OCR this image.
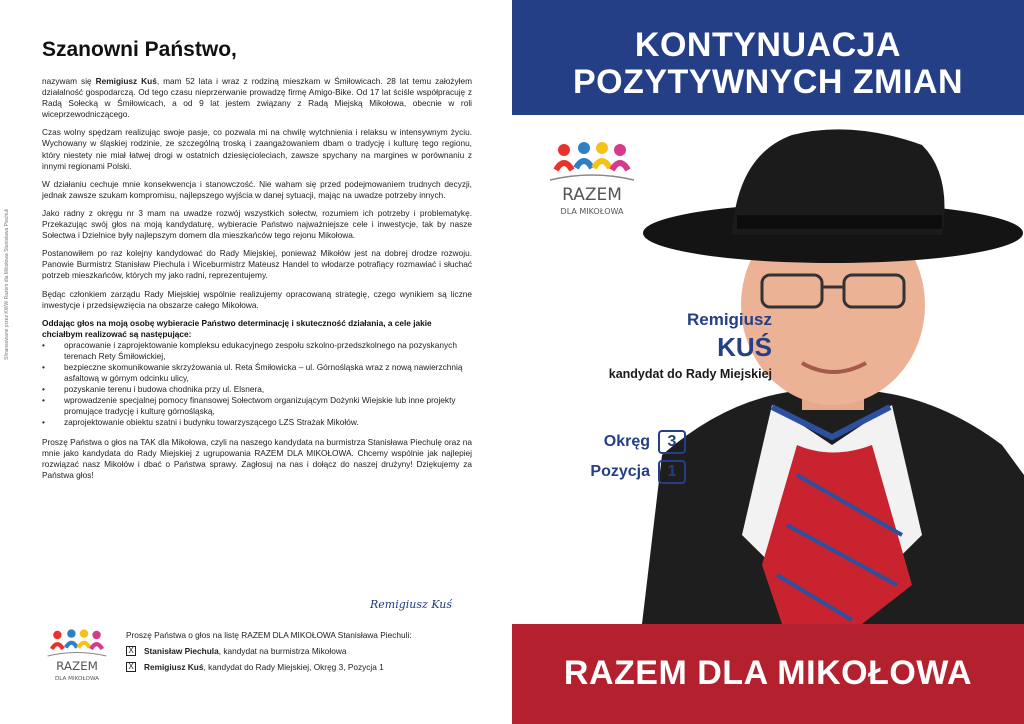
Sfinansowane przez KWW Razem dla Mikołowa Stanisława Piechuli
Szanowni Państwo,

nazywam się Remigiusz Kuś, mam 52 lata i wraz z rodziną mieszkam w Śmiłowicach. 28 lat temu założyłem działalność gospodarczą. Od tego czasu nieprzerwanie prowadzę firmę Amigo-Bike. Od 17 lat ściśle współpracuję z Radą Sołecką w Śmiłowicach, a od 9 lat jestem związany z Radą Miejską Mikołowa, obecnie w roli wiceprzewodniczącego.

Czas wolny spędzam realizując swoje pasje, co pozwala mi na chwilę wytchnienia i relaksu w intensywnym życiu. Wychowany w śląskiej rodzinie, ze szczególną troską i zaangażowaniem dbam o tradycję i kulturę tego regionu, który niestety nie miał łatwej drogi w ostatnich dziesięcioleciach, zawsze spychany na margines w porównaniu z innymi regionami Polski.

W działaniu cechuje mnie konsekwencja i stanowczość. Nie waham się przed podejmowaniem trudnych decyzji, jednak zawsze szukam kompromisu, najlepszego wyjścia w danej sytuacji, mając na uwadze potrzeby innych.

Jako radny z okręgu nr 3 mam na uwadze rozwój wszystkich sołectw, rozumiem ich potrzeby i problematykę. Przekazując swój głos na moją kandydaturę, wybieracie Państwo najważniejsze cele i inwestycje, tak by nasze Sołectwa i Dzielnice były najlepszym domem dla mieszkańców tego rejonu Mikołowa.

Postanowiłem po raz kolejny kandydować do Rady Miejskiej, ponieważ Mikołów jest na dobrej drodze rozwoju. Panowie Burmistrz Stanisław Piechula i Wiceburmistrz Mateusz Handel to włodarze potrafiący rozmawiać i słuchać potrzeb mieszkańców, których my jako radni, reprezentujemy.

Będąc członkiem zarządu Rady Miejskiej wspólnie realizujemy opracowaną strategię, czego wynikiem są liczne inwestycje i przedsięwzięcia na obszarze całego Mikołowa.

Oddając głos na moją osobę wybieracie Państwo determinację i skuteczność działania, a cele jakie chciałbym realizować są następujące:
• opracowanie i zaprojektowanie kompleksu edukacyjnego zespołu szkolno-przedszkolnego na pozyskanych terenach Rety Śmiłowickiej,
• bezpieczne skomunikowanie skrzyżowania ul. Reta Śmiłowicka – ul. Górnośląska wraz z nową nawierzchnią asfaltową w górnym odcinku ulicy,
• pozyskanie terenu i budowa chodnika przy ul. Elsnera,
• wprowadzenie specjalnej pomocy finansowej Sołectwom organizującym Dożynki Wiejskie lub inne projekty promujące tradycję i kulturę górnośląską,
• zaprojektowanie obiektu szatni i budynku towarzyszącego LZS Strażak Mikołów.

Proszę Państwa o głos na TAK dla Mikołowa, czyli na naszego kandydata na burmistrza Stanisława Piechulę oraz na mnie jako kandydata do Rady Miejskiej z ugrupowania RAZEM DLA MIKOŁOWA. Chcemy wspólnie jak najlepiej rozwiązać nasz Mikołów i dbać o Państwa sprawy. Zagłosuj na nas i dołącz do naszej drużyny! Dziękujemy za Państwa głos!

Remigiusz Kuś
RAZEM
DLA MIKOŁOWA
Proszę Państwa o głos na listę RAZEM DLA MIKOŁOWA Stanisława Piechuli:
X Stanisław Piechula, kandydat na burmistrza Mikołowa
X Remigiusz Kuś, kandydat do Rady Miejskiej, Okręg 3, Pozycja 1
KONTYNUACJA
POZYTYWNYCH ZMIAN
RAZEM
DLA MIKOŁOWA
Remigiusz
KUŚ
kandydat do Rady Miejskiej
Okręg	3
Pozycja	1
RAZEM DLA MIKOŁOWA
